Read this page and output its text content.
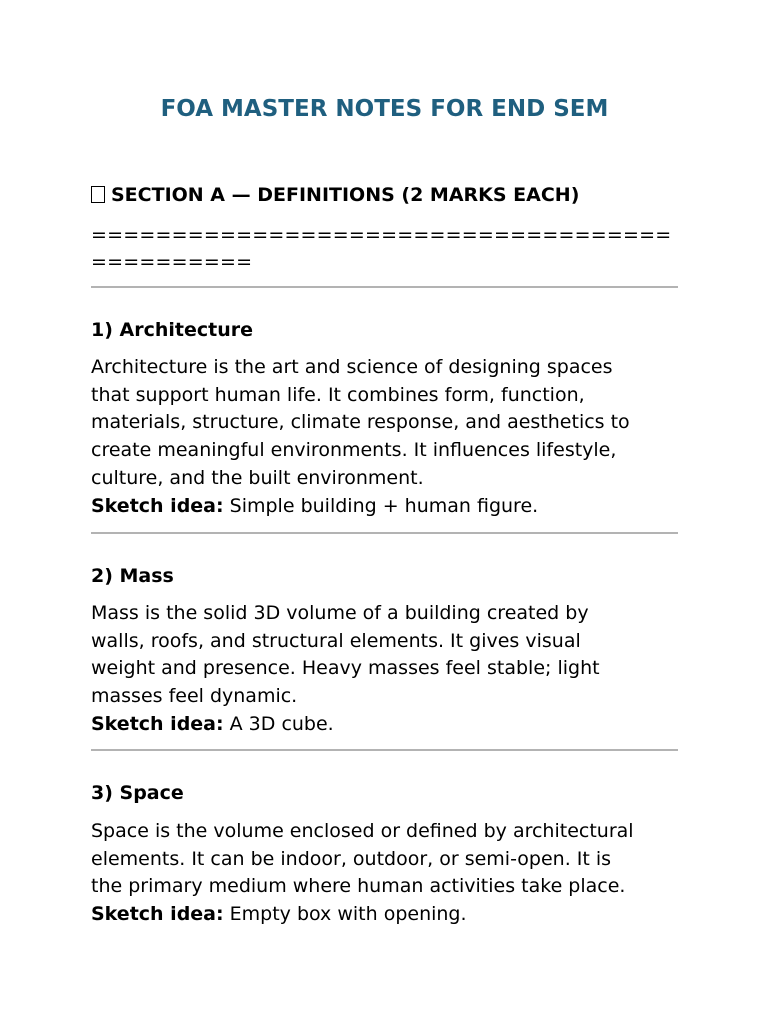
FOA MASTER NOTES FOR END SEM
SECTION A — DEFINITIONS (2 MARKS EACH)

==============================================

1) Architecture

Architecture is the art and science of designing spaces
that support human life. It combines form, function,
materials, structure, climate response, and aesthetics to
create meaningful environments. It influences lifestyle,
culture, and the built environment.
Sketch idea: Simple building + human figure.

2) Mass

Mass is the solid 3D volume of a building created by
walls, roofs, and structural elements. It gives visual
weight and presence. Heavy masses feel stable; light
masses feel dynamic.
Sketch idea: A 3D cube.

3) Space

Space is the volume enclosed or defined by architectural
elements. It can be indoor, outdoor, or semi-open. It is
the primary medium where human activities take place.
Sketch idea: Empty box with opening.
